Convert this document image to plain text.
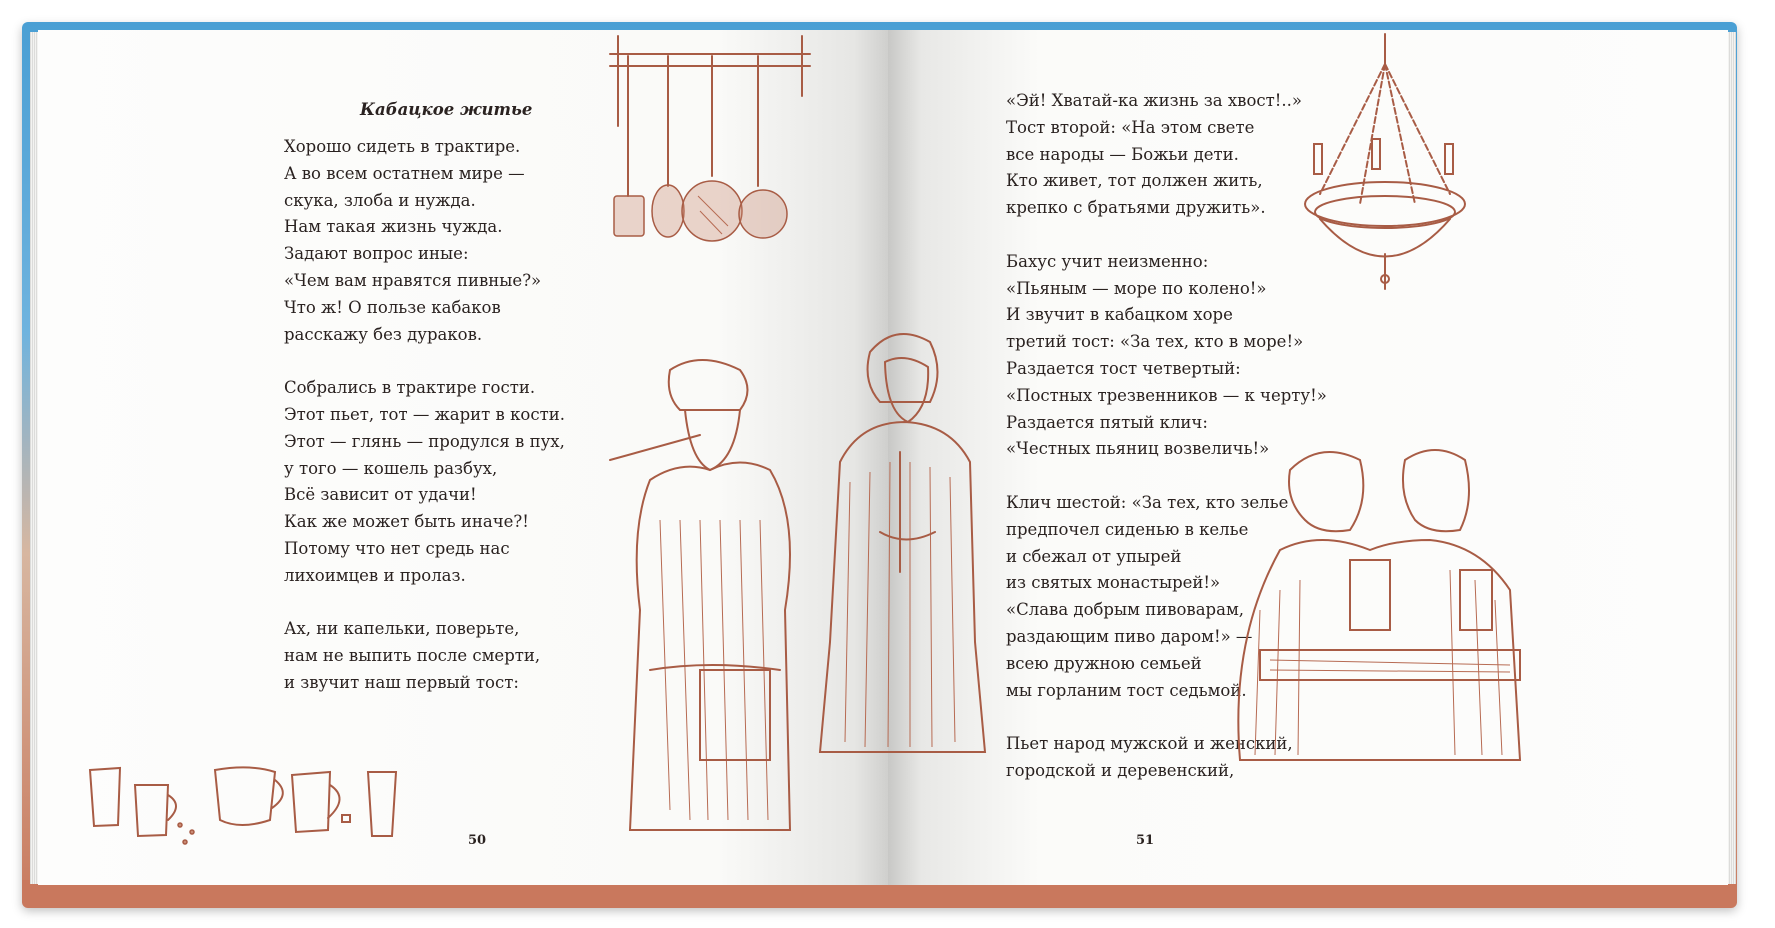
Кабацкое житье
Хорошо сидеть в трактире.
А во всем остатнем мире —
скука, злоба и нужда.
Нам такая жизнь чужда.
Задают вопрос иные:
«Чем вам нравятся пивные?»
Что ж! О пользе кабаков
расскажу без дураков.
Собрались в трактире гости.
Этот пьет, тот — жарит в кости.
Этот — глянь — продулся в пух,
у того — кошель разбух,
Всё зависит от удачи!
Как же может быть иначе?!
Потому что нет средь нас
лихоимцев и пролаз.
Ах, ни капельки, поверьте,
нам не выпить после смерти,
и звучит наш первый тост:
50
«Эй! Хватай-ка жизнь за хвост!..»
Тост второй: «На этом свете
все народы — Божьи дети.
Кто живет, тот должен жить,
крепко с братьями дружить».
Бахус учит неизменно:
«Пьяным — море по колено!»
И звучит в кабацком хоре
третий тост: «За тех, кто в море!»
Раздается тост четвертый:
«Постных трезвенников — к черту!»
Раздается пятый клич:
«Честных пьяниц возвеличь!»
Клич шестой: «За тех, кто зелье
предпочел сиденью в келье
и сбежал от упырей
из святых монастырей!»
«Слава добрым пивоварам,
раздающим пиво даром!» —
всею дружною семьей
мы горланим тост седьмой.
Пьет народ мужской и женский,
городской и деревенский,
51
